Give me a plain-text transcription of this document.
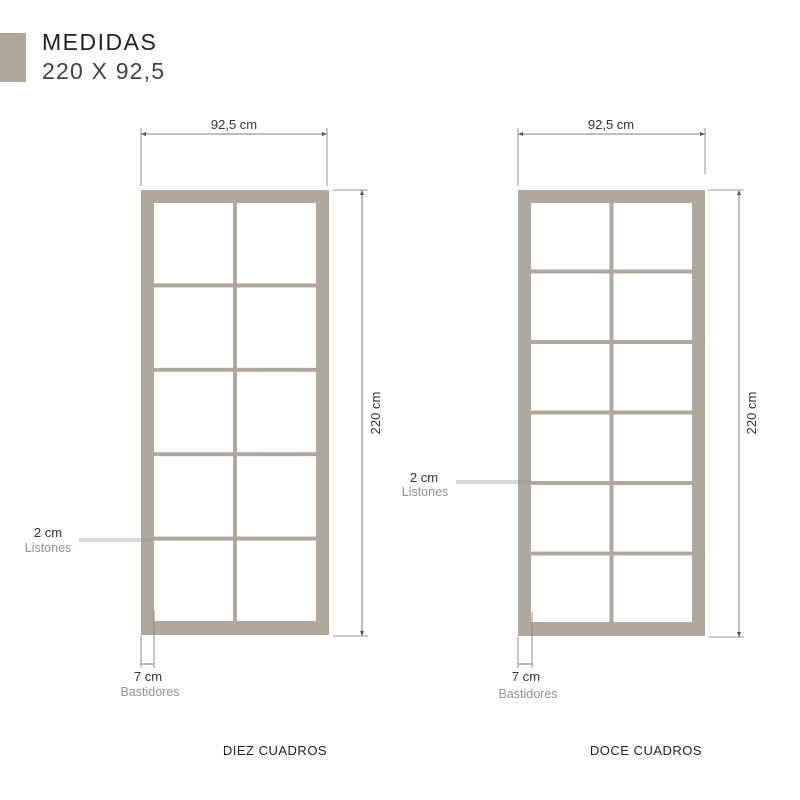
MEDIDAS
220 X 92,5
92,5 cm
220 cm
2 cm
Listones
7 cm
Bastidores
DIEZ CUADROS
92,5 cm
220 cm
2 cm
Listones
7 cm
Bastidores
DOCE CUADROS
